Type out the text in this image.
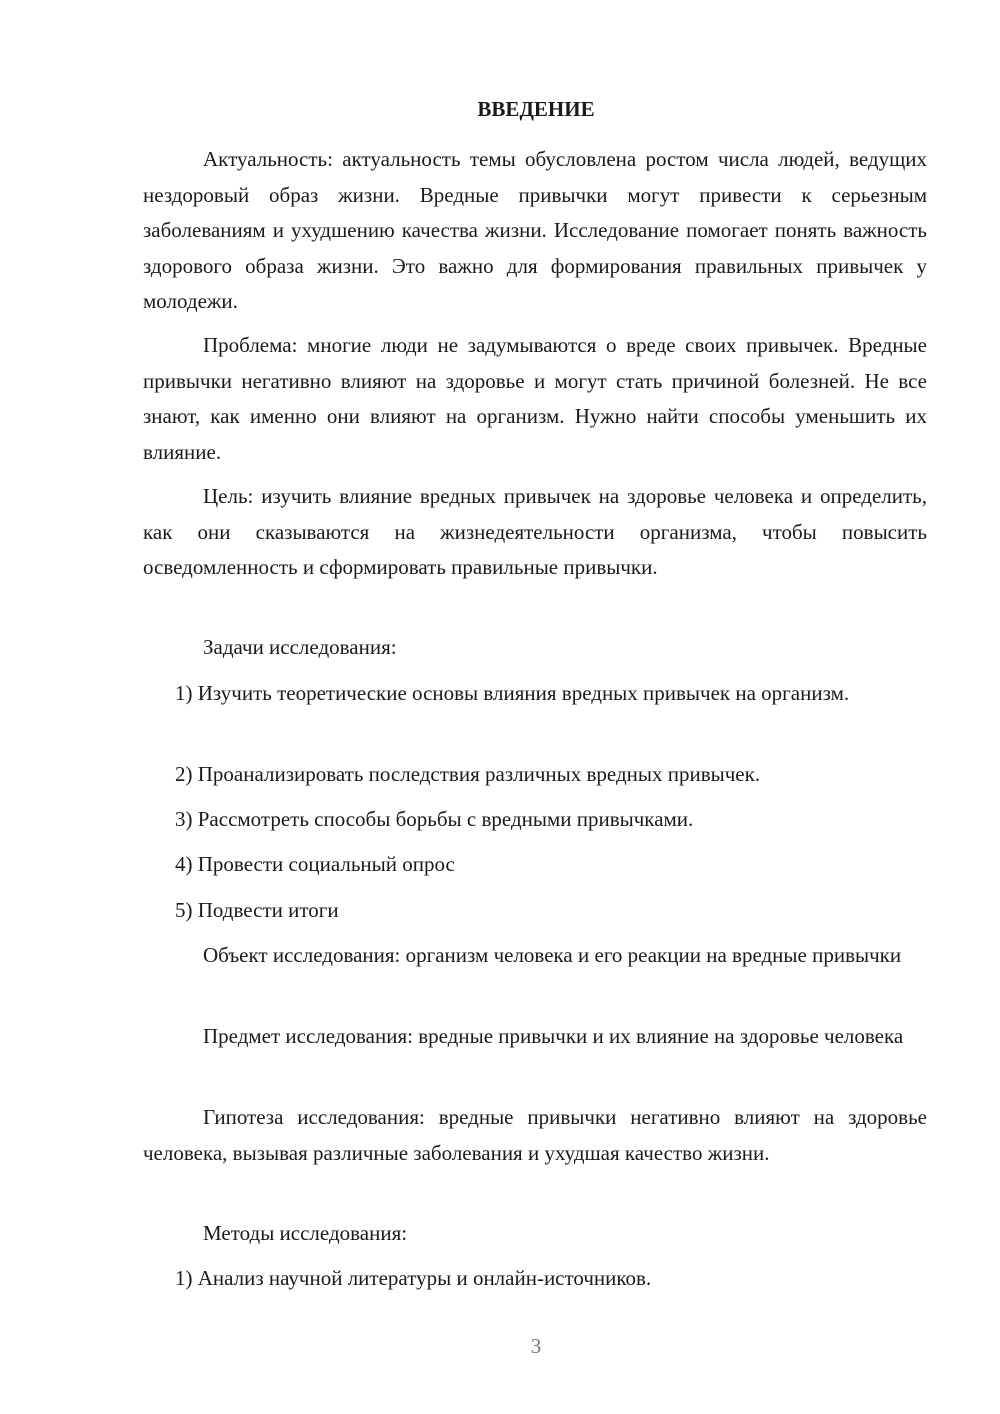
ВВЕДЕНИЕ

Актуальность: актуальность темы обусловлена ростом числа людей, ведущих нездоровый образ жизни. Вредные привычки могут привести к серьезным заболеваниям и ухудшению качества жизни. Исследование помогает понять важность здорового образа жизни. Это важно для формирования правильных привычек у молодежи.

Проблема: многие люди не задумываются о вреде своих привычек. Вредные привычки негативно влияют на здоровье и могут стать причиной болезней. Не все знают, как именно они влияют на организм. Нужно найти способы уменьшить их влияние.

Цель: изучить влияние вредных привычек на здоровье человека и определить, как они сказываются на жизнедеятельности организма, чтобы повысить осведомленность и сформировать правильные привычки.

Задачи исследования:

1) Изучить теоретические основы влияния вредных привычек на организм.

2) Проанализировать последствия различных вредных привычек.

3) Рассмотреть способы борьбы с вредными привычками.

4) Провести социальный опрос

5) Подвести итоги

Объект исследования: организм человека и его реакции на вредные привычки

Предмет исследования: вредные привычки и их влияние на здоровье человека

Гипотеза исследования: вредные привычки негативно влияют на здоровье человека, вызывая различные заболевания и ухудшая качество жизни.

Методы исследования:

1) Анализ научной литературы и онлайн-источников.

3
